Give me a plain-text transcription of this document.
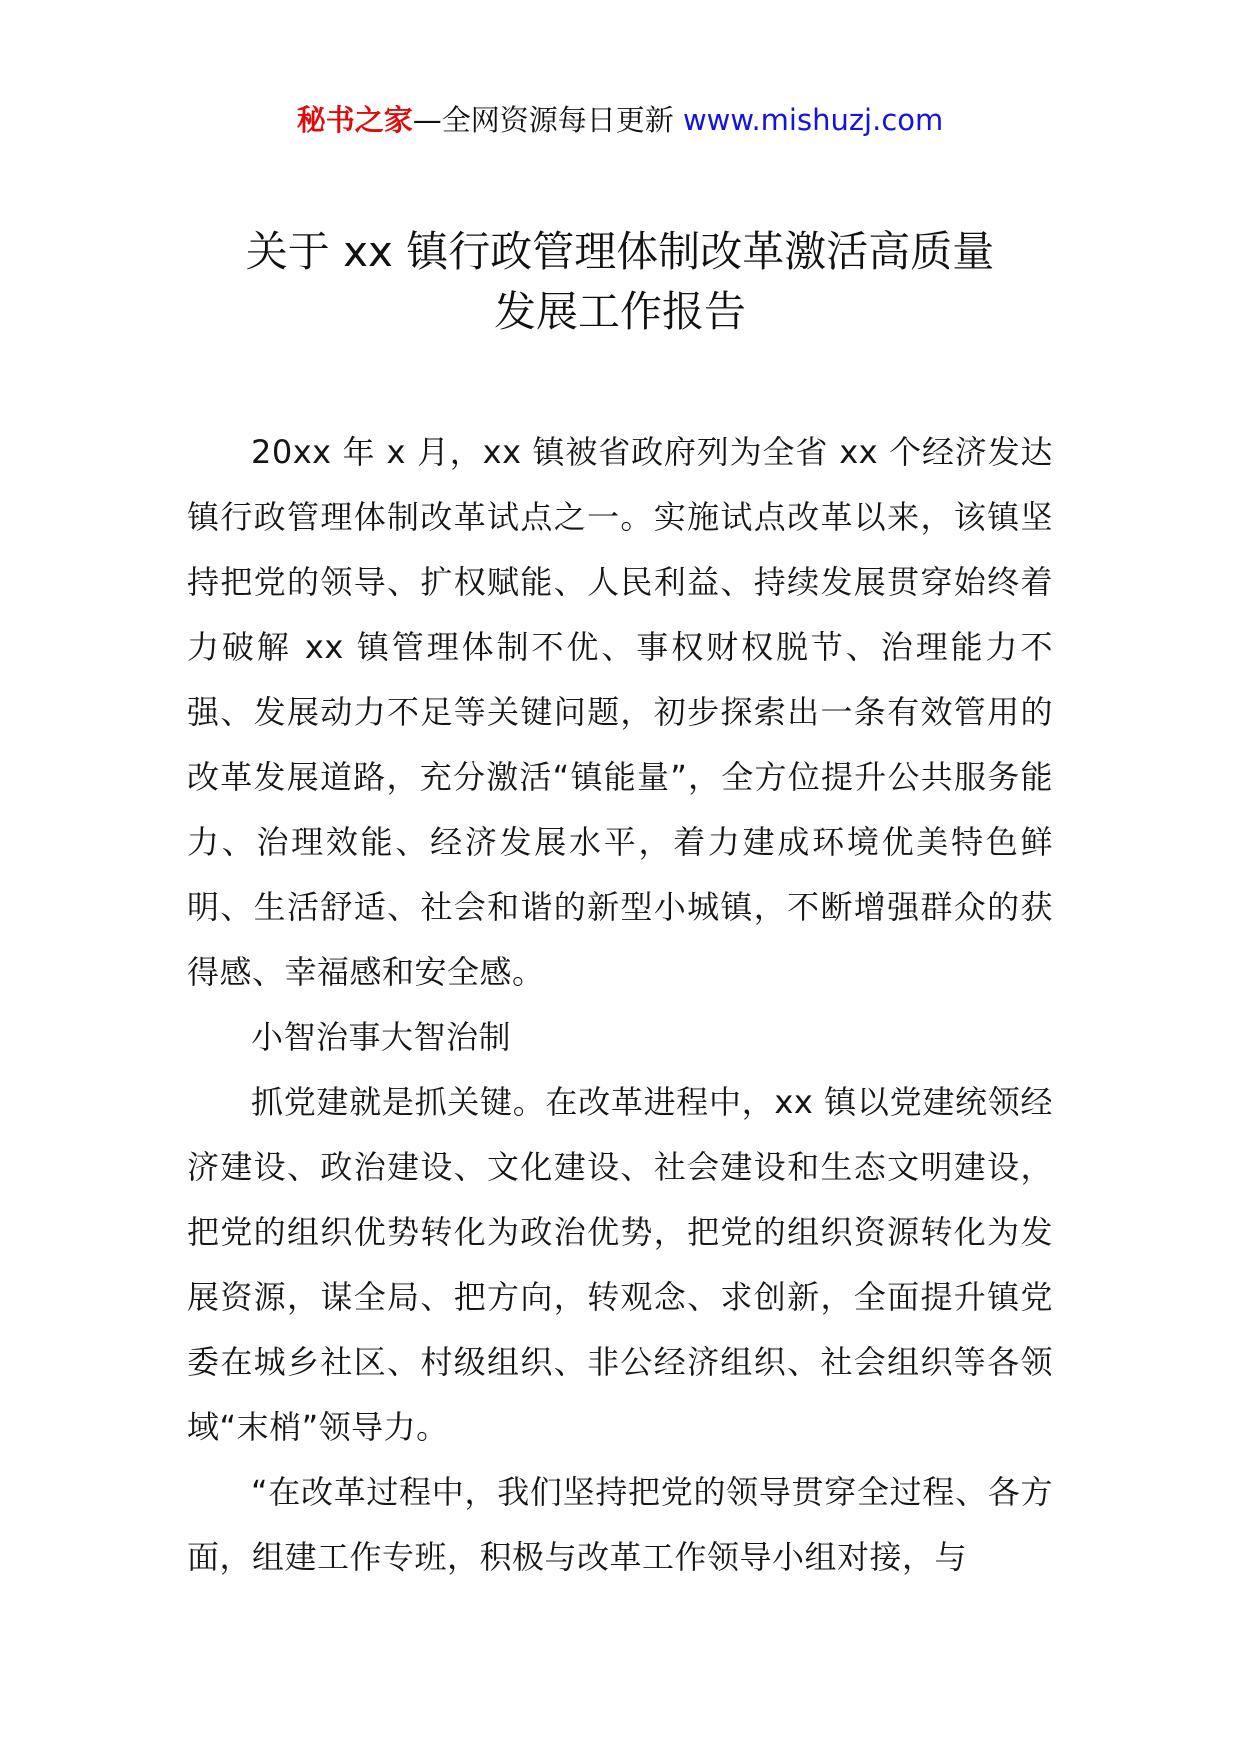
秘书之家—全网资源每日更新 www.mishuzj.com
关于 xx 镇行政管理体制改革激活高质量
发展工作报告

20xx 年 x 月，xx 镇被省政府列为全省 xx 个经济发达镇行政管理体制改革试点之一。实施试点改革以来，该镇坚持把党的领导、扩权赋能、人民利益、持续发展贯穿始终着力破解 xx 镇管理体制不优、事权财权脱节、治理能力不强、发展动力不足等关键问题，初步探索出一条有效管用的改革发展道路，充分激活“镇能量”，全方位提升公共服务能力、治理效能、经济发展水平，着力建成环境优美特色鲜明、生活舒适、社会和谐的新型小城镇，不断增强群众的获得感、幸福感和安全感。

小智治事大智治制

抓党建就是抓关键。在改革进程中，xx 镇以党建统领经济建设、政治建设、文化建设、社会建设和生态文明建设，把党的组织优势转化为政治优势，把党的组织资源转化为发展资源，谋全局、把方向，转观念、求创新，全面提升镇党委在城乡社区、村级组织、非公经济组织、社会组织等各领域“末梢”领导力。

“在改革过程中，我们坚持把党的领导贯穿全过程、各方面，组建工作专班，积极与改革工作领导小组对接，与
